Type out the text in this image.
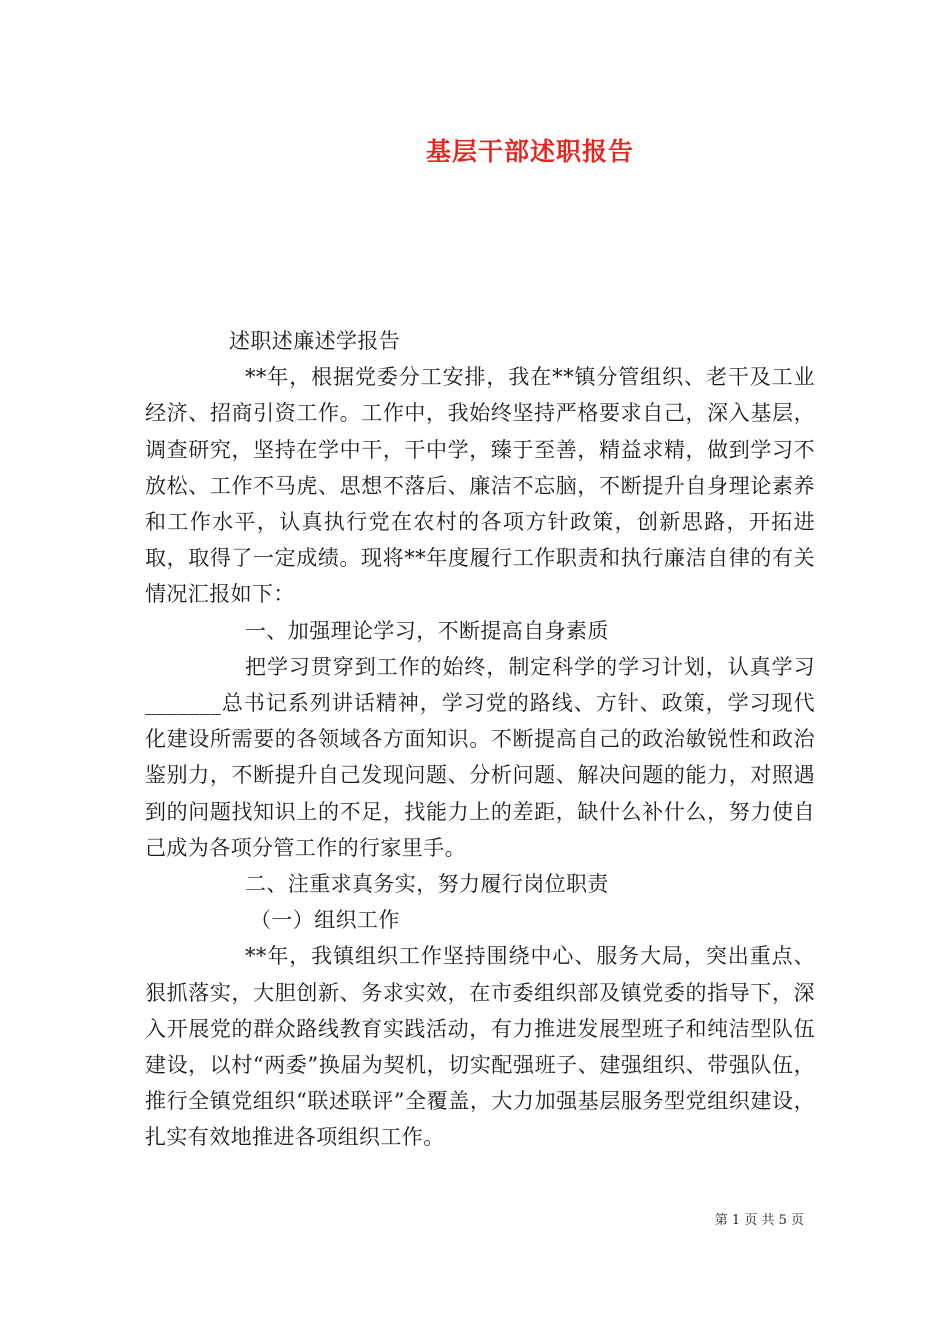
基层干部述职报告

述职述廉述学报告

**年，根据党委分工安排，我在**镇分管组织、老干及工业经济、招商引资工作。工作中，我始终坚持严格要求自己，深入基层，调查研究，坚持在学中干，干中学，臻于至善，精益求精，做到学习不放松、工作不马虎、思想不落后、廉洁不忘脑，不断提升自身理论素养和工作水平，认真执行党在农村的各项方针政策，创新思路，开拓进取，取得了一定成绩。现将**年度履行工作职责和执行廉洁自律的有关情况汇报如下：

一、加强理论学习，不断提高自身素质

把学习贯穿到工作的始终，制定科学的学习计划，认真学习_______总书记系列讲话精神，学习党的路线、方针、政策，学习现代化建设所需要的各领域各方面知识。不断提高自己的政治敏锐性和政治鉴别力，不断提升自己发现问题、分析问题、解决问题的能力，对照遇到的问题找知识上的不足，找能力上的差距，缺什么补什么，努力使自己成为各项分管工作的行家里手。

二、注重求真务实，努力履行岗位职责

（一）组织工作

**年，我镇组织工作坚持围绕中心、服务大局，突出重点、狠抓落实，大胆创新、务求实效，在市委组织部及镇党委的指导下，深入开展党的群众路线教育实践活动，有力推进发展型班子和纯洁型队伍建设，以村“两委”换届为契机，切实配强班子、建强组织、带强队伍，推行全镇党组织“联述联评”全覆盖，大力加强基层服务型党组织建设，扎实有效地推进各项组织工作。

第 1 页 共 5 页
